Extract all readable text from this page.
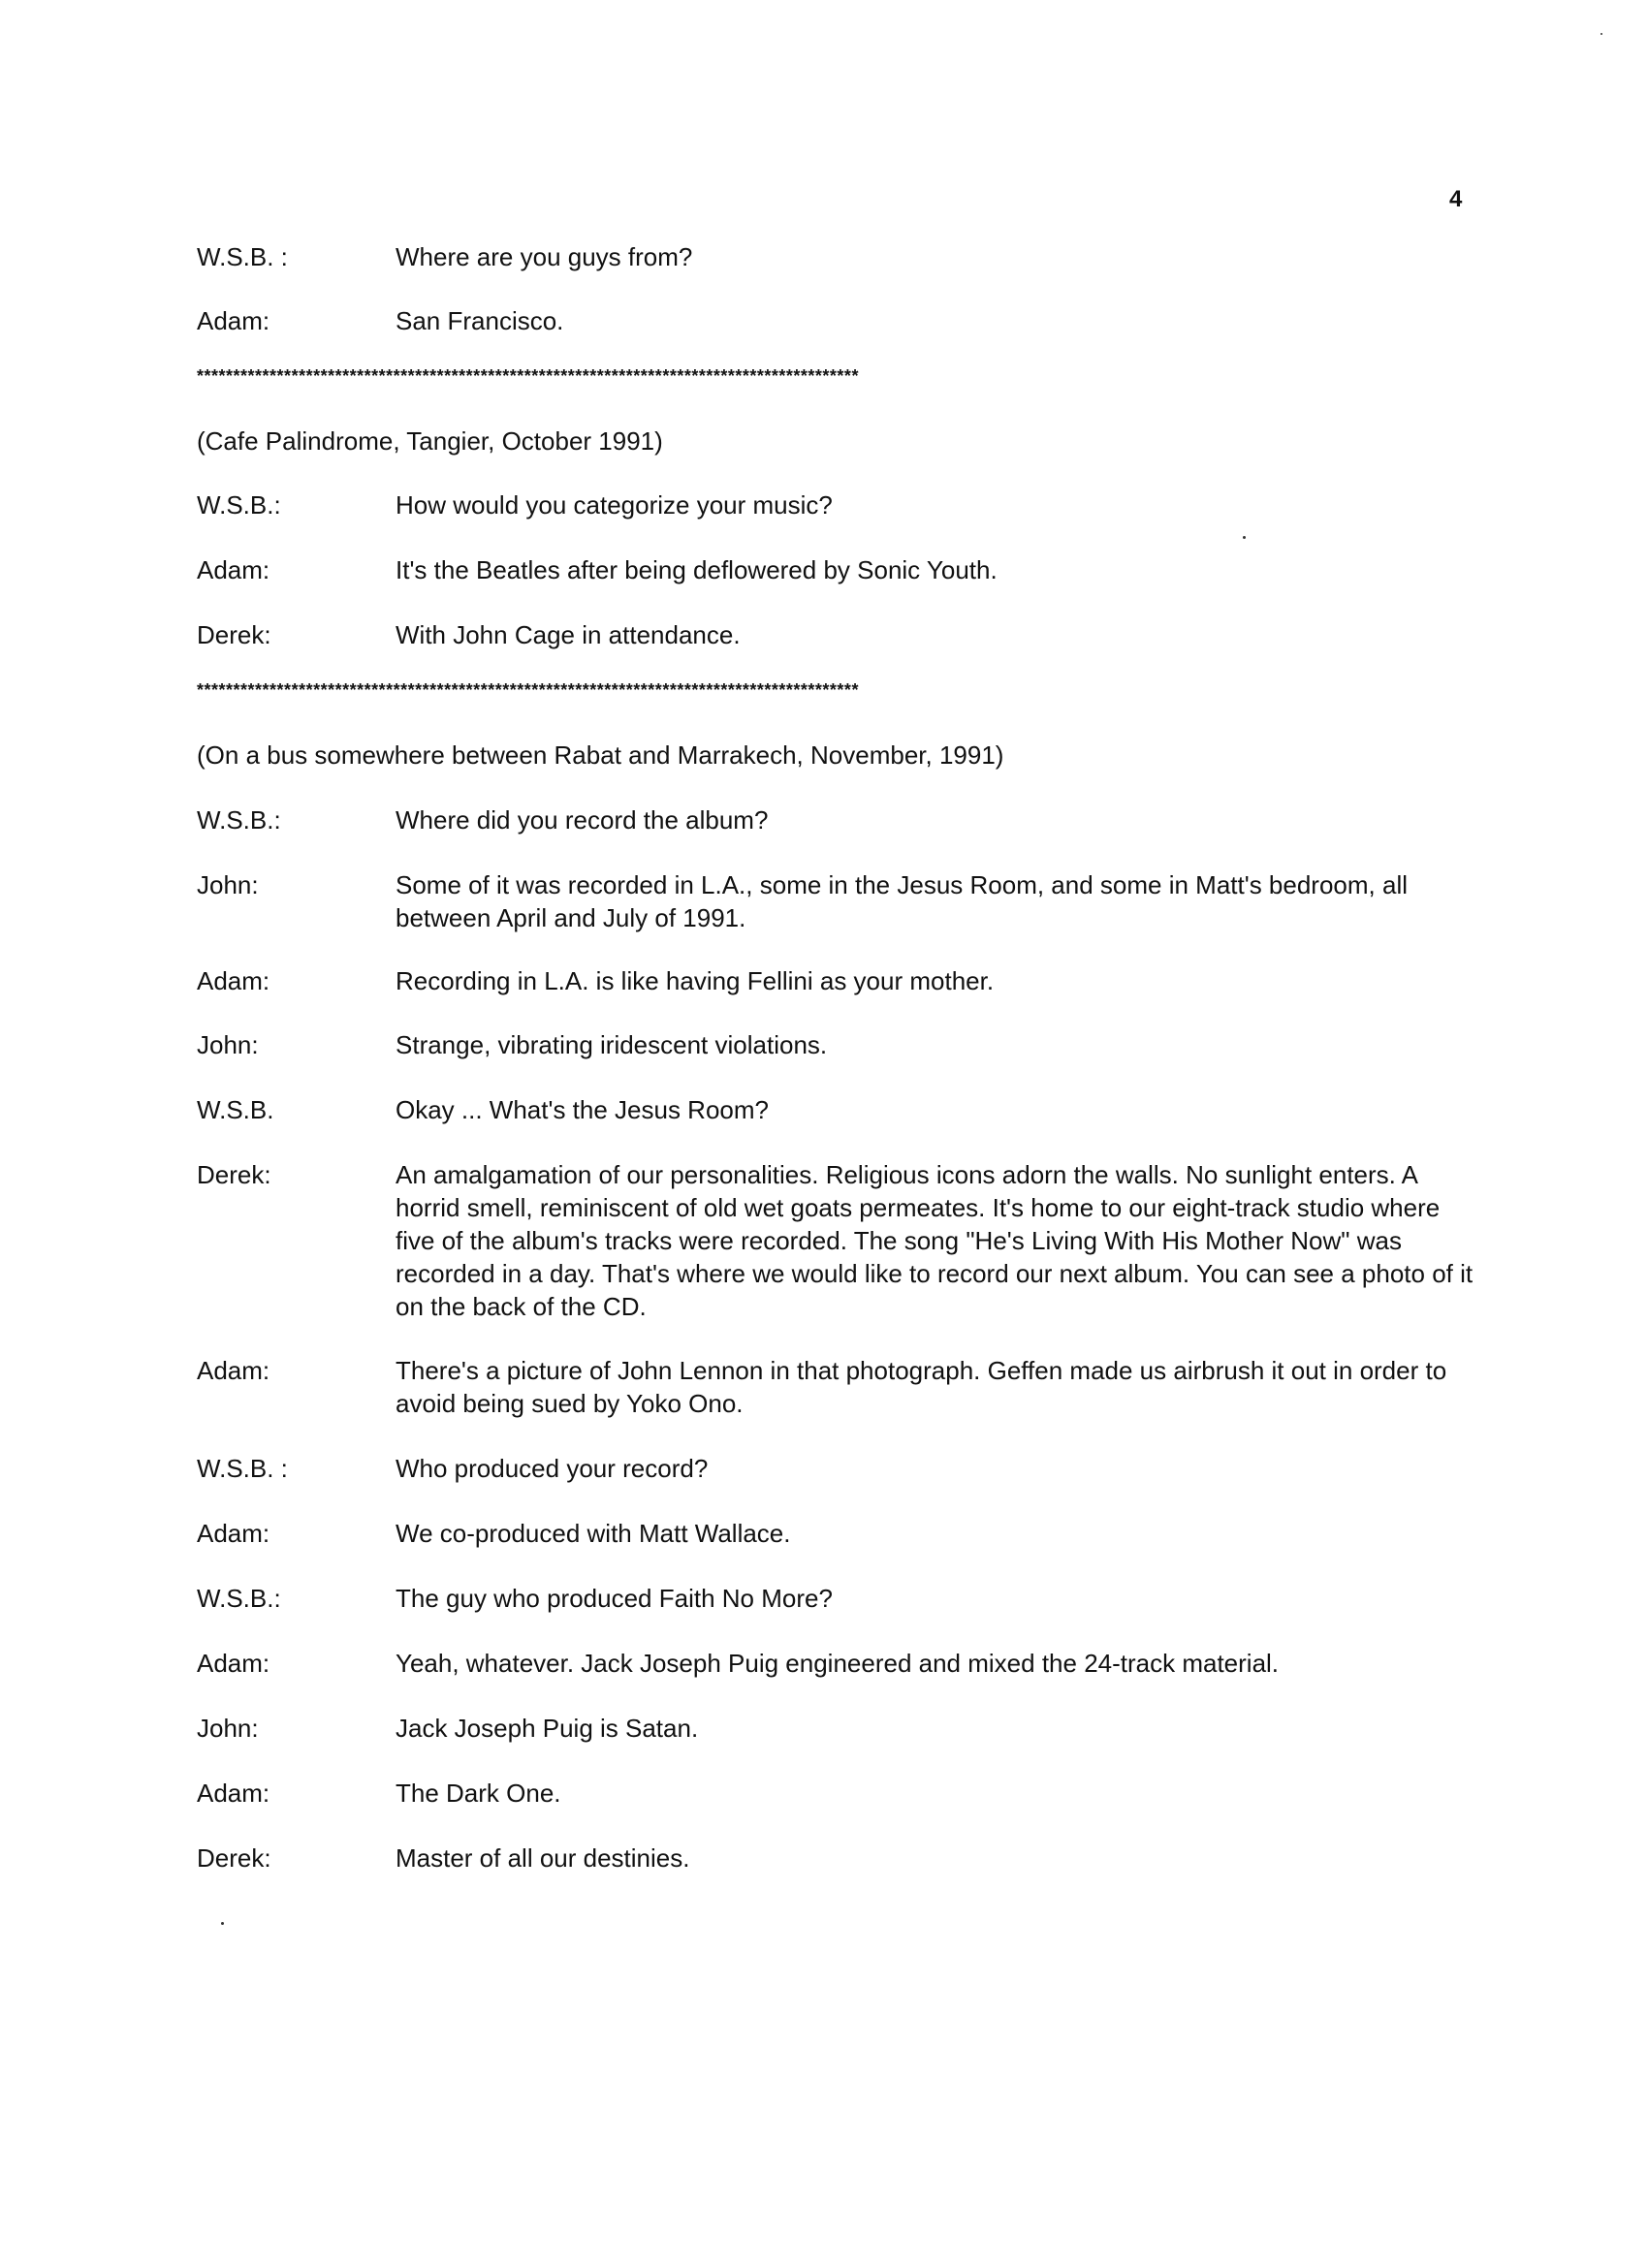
4
W.S.B. :	Where are you guys from?
Adam:	San Francisco.
*******************************************************************************************
(Cafe Palindrome, Tangier, October 1991)
W.S.B.:	How would you categorize your music?
Adam:	It's the Beatles after being deflowered by Sonic Youth.
Derek:	With John Cage in attendance.
*******************************************************************************************
(On a bus somewhere between Rabat and Marrakech, November, 1991)
W.S.B.:	Where did you record the album?
John:	Some of it was recorded in L.A., some in the Jesus Room, and some in Matt's bedroom, all between April and July of 1991.
Adam:	Recording in L.A. is like having Fellini as your mother.
John:	Strange, vibrating iridescent violations.
W.S.B.	Okay ... What's the Jesus Room?
Derek:	An amalgamation of our personalities. Religious icons adorn the walls. No sunlight enters. A horrid smell, reminiscent of old wet goats permeates. It's home to our eight-track studio where five of the album's tracks were recorded. The song "He's Living With His Mother Now" was recorded in a day. That's where we would like to record our next album. You can see a photo of it on the back of the CD.
Adam:	There's a picture of John Lennon in that photograph. Geffen made us airbrush it out in order to avoid being sued by Yoko Ono.
W.S.B. :	Who produced your record?
Adam:	We co-produced with Matt Wallace.
W.S.B.:	The guy who produced Faith No More?
Adam:	Yeah, whatever. Jack Joseph Puig engineered and mixed the 24-track material.
John:	Jack Joseph Puig is Satan.
Adam:	The Dark One.
Derek:	Master of all our destinies.
